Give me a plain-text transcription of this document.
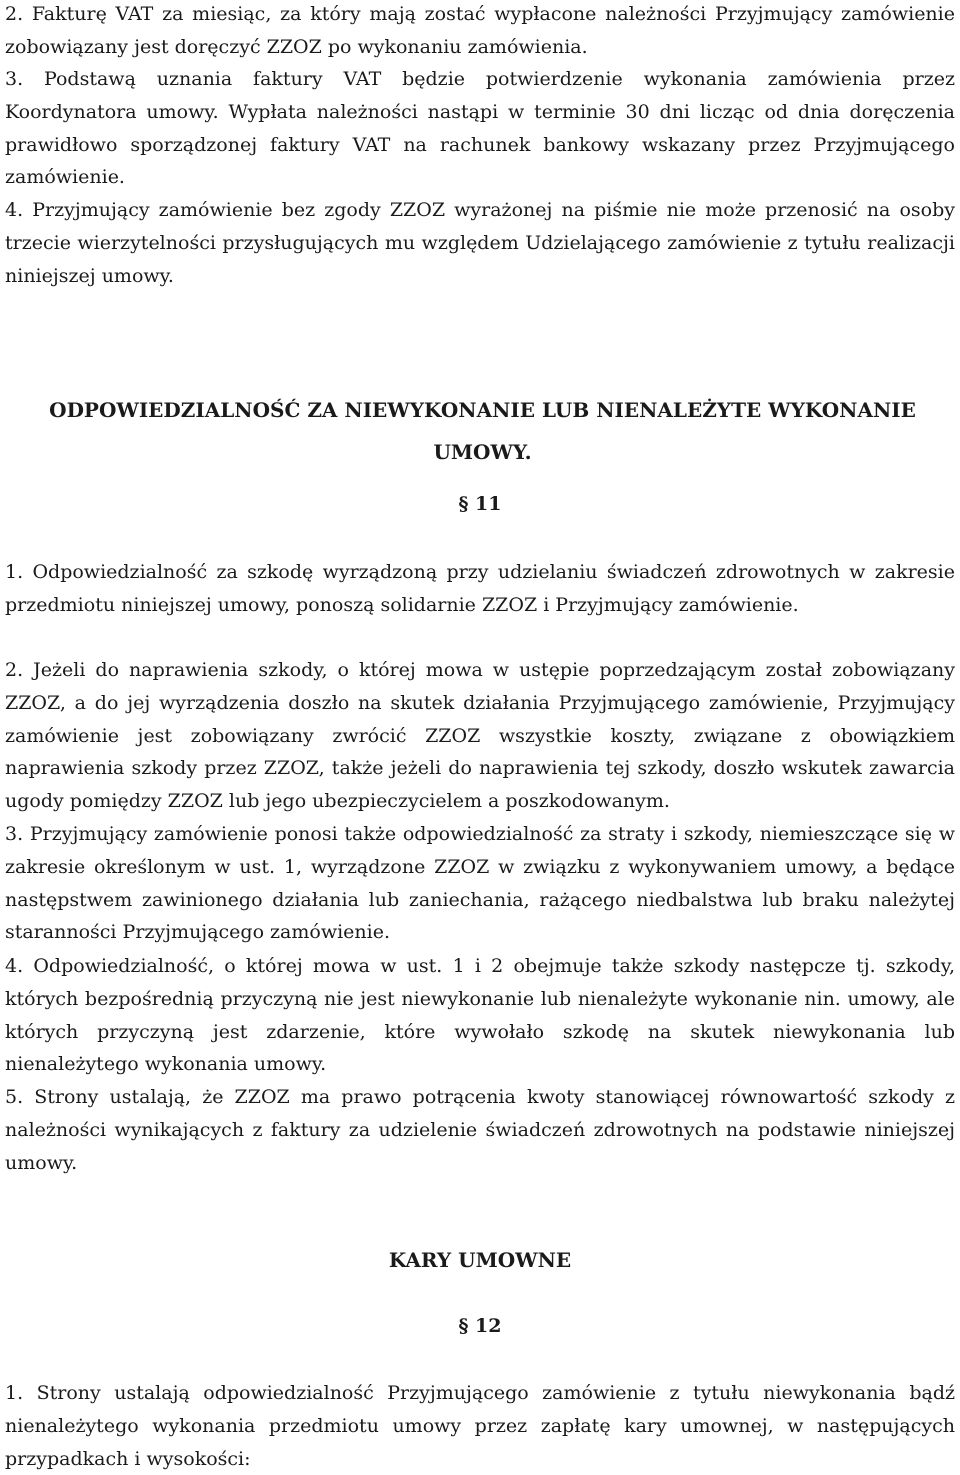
2. Fakturę VAT za miesiąc, za który mają zostać wypłacone należności Przyjmujący zamówienie zobowiązany jest doręczyć ZZOZ po wykonaniu zamówienia.

3. Podstawą uznania faktury VAT będzie potwierdzenie wykonania zamówienia przez Koordynatora umowy. Wypłata należności nastąpi w terminie 30 dni licząc od dnia doręczenia prawidłowo sporządzonej faktury VAT na rachunek bankowy wskazany przez Przyjmującego zamówienie.

4. Przyjmujący zamówienie bez zgody ZZOZ wyrażonej na piśmie nie może przenosić na osoby trzecie wierzytelności przysługujących mu względem Udzielającego zamówienie z tytułu realizacji niniejszej umowy.

ODPOWIEDZIALNOŚĆ ZA NIEWYKONANIE LUB NIENALEŻYTE WYKONANIE UMOWY.

§ 11

1. Odpowiedzialność za szkodę wyrządzoną przy udzielaniu świadczeń zdrowotnych w zakresie przedmiotu niniejszej umowy, ponoszą solidarnie ZZOZ i Przyjmujący zamówienie.

2. Jeżeli do naprawienia szkody, o której mowa w ustępie poprzedzającym został zobowiązany ZZOZ, a do jej wyrządzenia doszło na skutek działania Przyjmującego zamówienie, Przyjmujący zamówienie jest zobowiązany zwrócić ZZOZ wszystkie koszty, związane z obowiązkiem naprawienia szkody przez ZZOZ, także jeżeli do naprawienia tej szkody, doszło wskutek zawarcia ugody pomiędzy ZZOZ lub jego ubezpieczycielem a poszkodowanym.

3. Przyjmujący zamówienie ponosi także odpowiedzialność za straty i szkody, niemieszczące się w zakresie określonym w ust. 1, wyrządzone ZZOZ w związku z wykonywaniem umowy, a będące następstwem zawinionego działania lub zaniechania, rażącego niedbalstwa lub braku należytej staranności Przyjmującego zamówienie.

4. Odpowiedzialność, o której mowa w ust. 1 i 2 obejmuje także szkody następcze tj. szkody, których bezpośrednią przyczyną nie jest niewykonanie lub nienależyte wykonanie nin. umowy, ale których przyczyną jest zdarzenie, które wywołało szkodę na skutek niewykonania lub nienależytego wykonania umowy.

5. Strony ustalają, że ZZOZ ma prawo potrącenia kwoty stanowiącej równowartość szkody z należności wynikających z faktury za udzielenie świadczeń zdrowotnych na podstawie niniejszej umowy.

KARY UMOWNE

§ 12

1. Strony ustalają odpowiedzialność Przyjmującego zamówienie z tytułu niewykonania bądź nienależytego wykonania przedmiotu umowy przez zapłatę kary umownej, w następujących przypadkach i wysokości:
